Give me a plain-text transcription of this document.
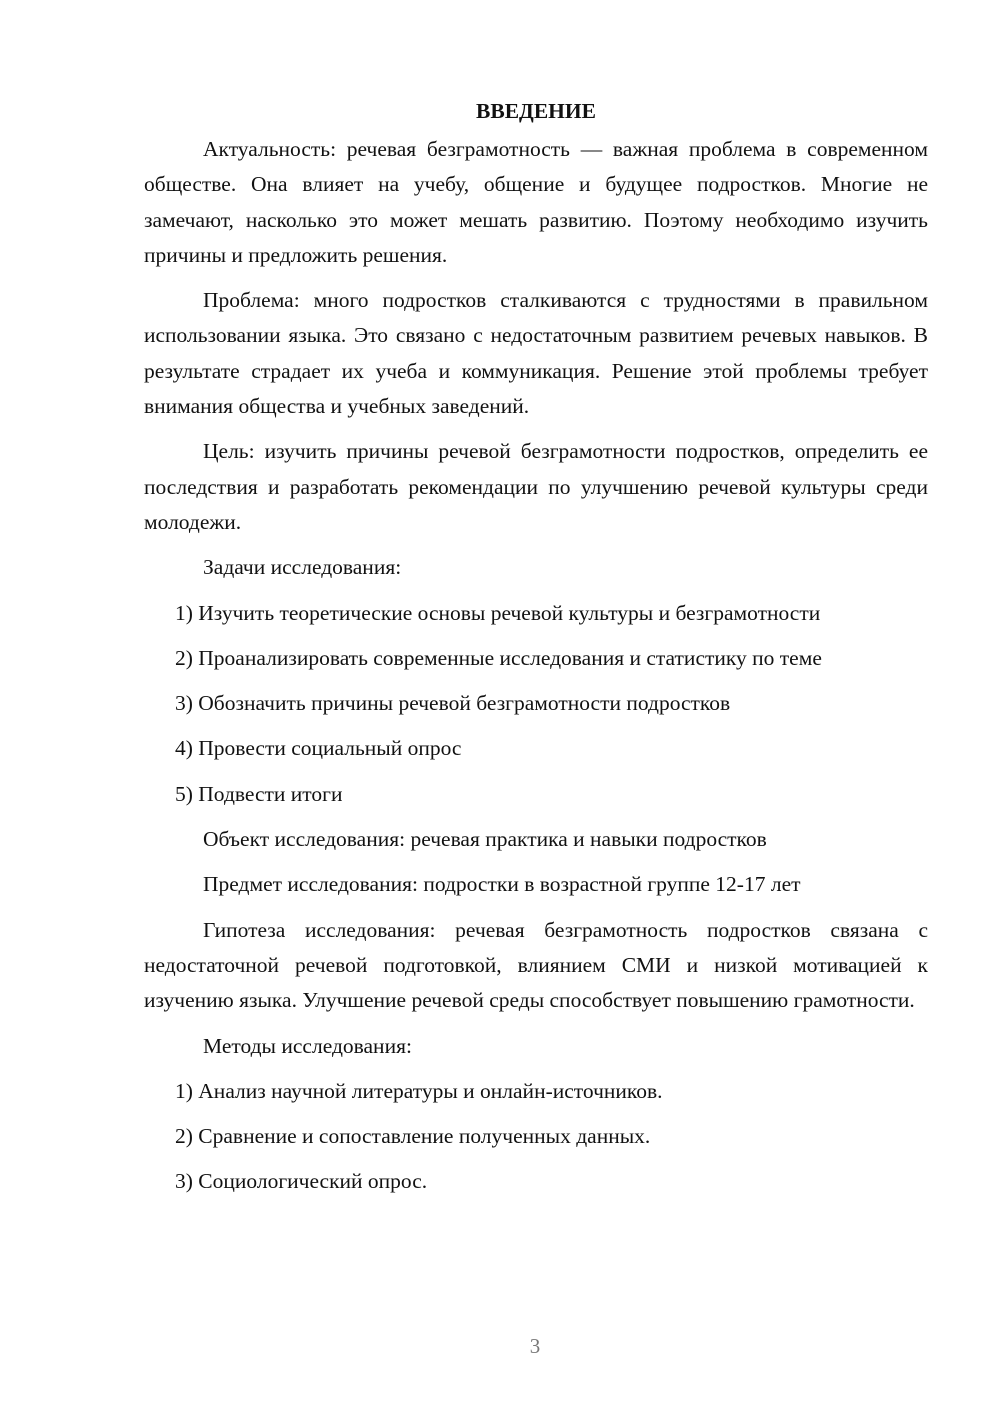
ВВЕДЕНИЕ

Актуальность: речевая безграмотность — важная проблема в современном обществе. Она влияет на учебу, общение и будущее подростков. Многие не замечают, насколько это может мешать развитию. Поэтому необходимо изучить причины и предложить решения.

Проблема: много подростков сталкиваются с трудностями в правильном использовании языка. Это связано с недостаточным развитием речевых навыков. В результате страдает их учеба и коммуникация. Решение этой проблемы требует внимания общества и учебных заведений.

Цель: изучить причины речевой безграмотности подростков, определить ее последствия и разработать рекомендации по улучшению речевой культуры среди молодежи.

Задачи исследования:
1) Изучить теоретические основы речевой культуры и безграмотности
2) Проанализировать современные исследования и статистику по теме
3) Обозначить причины речевой безграмотности подростков
4) Провести социальный опрос
5) Подвести итоги
Объект исследования: речевая практика и навыки подростков
Предмет исследования: подростки в возрастной группе 12-17 лет

Гипотеза исследования: речевая безграмотность подростков связана с недостаточной речевой подготовкой, влиянием СМИ и низкой мотивацией к изучению языка. Улучшение речевой среды способствует повышению грамотности.

Методы исследования:
1) Анализ научной литературы и онлайн-источников.
2) Сравнение и сопоставление полученных данных.
3) Социологический опрос.
3
